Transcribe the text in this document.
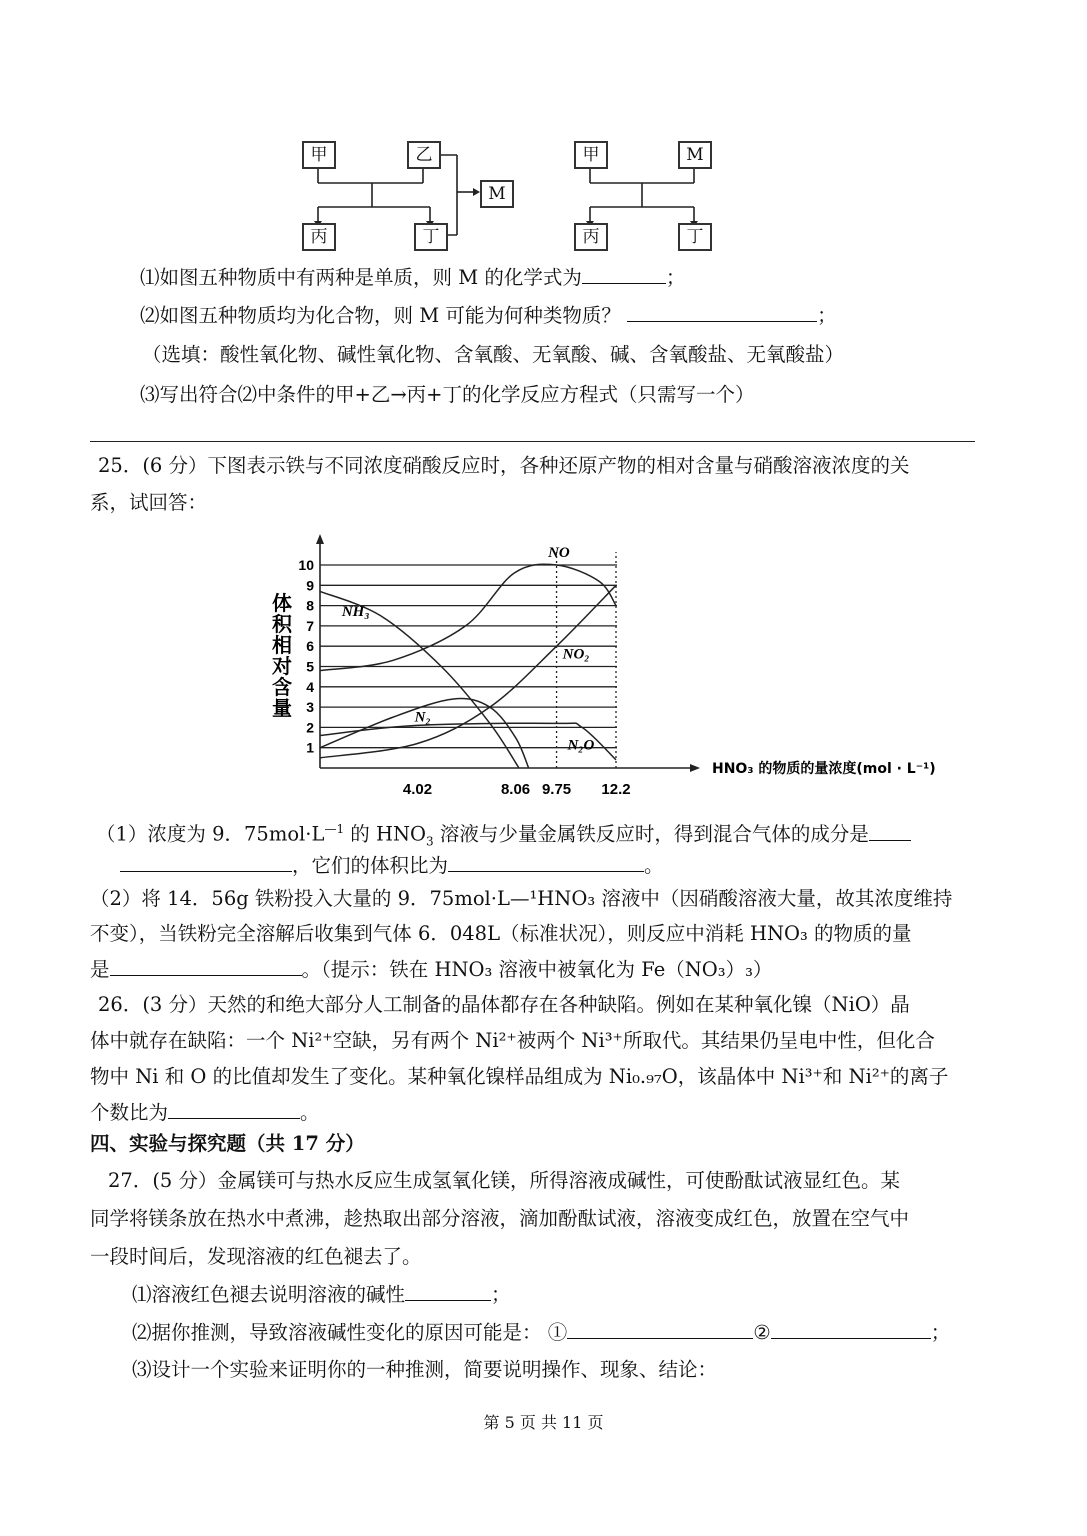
甲	乙
M
丙	丁
甲	M
丙	丁
⑴如图五种物质中有两种是单质，则 M 的化学式为	；
⑵如图五种物质均为化合物，则 M 可能为何种类物质？	；
（选填：酸性氧化物、碱性氧化物、含氧酸、无氧酸、碱、含氧酸盐、无氧酸盐）
⑶写出符合⑵中条件的甲+乙→丙+丁的化学反应方程式（只需写一个）
25．(6 分）下图表示铁与不同浓度硝酸反应时，各种还原产物的相对含量与硝酸溶液浓度的关
系，试回答：
1
2
3
4
5
6
7
8
9
10
体
积
相
对
含
量
4.02	8.06 9.75 12.2
HNO₃ 的物质的量浓度(mol · L⁻¹)
NO
NH₃
NO₂
N₂
N₂O
（1）浓度为 9．$75mol\cdot L^{—1}$ 的 $HNO_3$ 溶液与少量金属铁反应时，得到混合气体的成分是
，它们的体积比为	。
（2）将 14．56g 铁粉投入大量的 9．75mol·L—¹HNO₃ 溶液中（因硝酸溶液大量，故其浓度维持
不变），当铁粉完全溶解后收集到气体 6．048L（标准状况），则反应中消耗 HNO₃ 的物质的量
是	。（提示：铁在 HNO₃ 溶液中被氧化为 Fe（NO₃）₃）
26．(3 分）天然的和绝大部分人工制备的晶体都存在各种缺陷。例如在某种氧化镍（NiO）晶
体中就存在缺陷：一个 Ni²⁺空缺，另有两个 Ni²⁺被两个 Ni³⁺所取代。其结果仍呈电中性，但化合
物中 Ni 和 O 的比值却发生了变化。某种氧化镍样品组成为 Ni₀.₉₇O，该晶体中 Ni³⁺和 Ni²⁺的离子
个数比为	。
四、实验与探究题（共 17 分）
27．(5 分）金属镁可与热水反应生成氢氧化镁，所得溶液成碱性，可使酚酞试液显红色。某
同学将镁条放在热水中煮沸，趁热取出部分溶液，滴加酚酞试液，溶液变成红色，放置在空气中
一段时间后，发现溶液的红色褪去了。
⑴溶液红色褪去说明溶液的碱性	；
⑵据你推测，导致溶液碱性变化的原因可能是： ①	②	；
⑶设计一个实验来证明你的一种推测，简要说明操作、现象、结论：
第 5 页 共 11 页
